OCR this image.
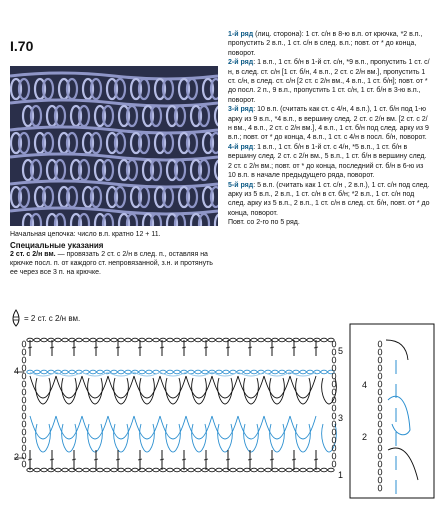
I.70
Начальная цепочка: число в.п. кратно 12 + 11.
Специальные указания
2 ст. с 2/н вм. — провязать 2 ст. с 2/н в след. п., оставляя на крючке посл. п. от каждого ст. непровязанной, з.н. и протянуть ее через все 3 п. на крючке.
= 2 ст. с 2/н вм.

1-й ряд (лиц. сторона): 1 ст. с/н в 8-ю в.п. от крючка, *2 в.п., пропустить 2 в.п., 1 ст. с/н в след. в.п.; повт. от * до конца, поворот.

2-й ряд: 1 в.п., 1 ст. б/н в 1-й ст. с/н, *9 в.п., пропустить 1 ст. с/н, в след. ст. с/н [1 ст. б/н, 4 в.п., 2 ст. с 2/н вм.], пропустить 1 ст. с/н, в след. ст. с/н [2 ст. с 2/н вм., 4 в.п., 1 ст. б/н]; повт. от * до посл. 2 п., 9 в.п., пропустить 1 ст. с/н, 1 ст. б/н в 3-ю в.п., поворот.

3-й ряд: 10 в.п. (считать как ст. с 4/н, 4 в.п.), 1 ст. б/н под 1-ю арку из 9 в.п., *4 в.п., в вершину след. 2 ст. с 2/н вм. [2 ст. с 2/н вм., 4 в.п., 2 ст. с 2/н вм.], 4 в.п., 1 ст. б/н под след. арку из 9 в.п.; повт. от * до конца, 4 в.п., 1 ст. с 4/н в посл. б/н, поворот.

4-й ряд: 1 в.п., 1 ст. б/н в 1-й ст. с 4/н, *5 в.п., 1 ст. б/н в вершину след. 2 ст. с 2/н вм., 5 в.п., 1 ст. б/н в вершину след. 2 ст. с 2/н вм.; повт. от * до конца, последний ст. б/н в 6-ю из 10 в.п. в начале предыдущего ряда, поворот.

5-й ряд: 5 в.п. (считать как 1 ст. с/н , 2 в.п.), 1 ст. с/н под след. арку из 5 в.п., 2 в.п., 1 ст. с/н в ст. б/н; *2 в.п., 1 ст. с/н под след. арку из 5 в.п., 2 в.п., 1 ст. с/н в след. ст. б/н, повт. от * до конца, поворот.

Повт. со 2-го по 5 ряд.

5
4
3
2
1
4
2
